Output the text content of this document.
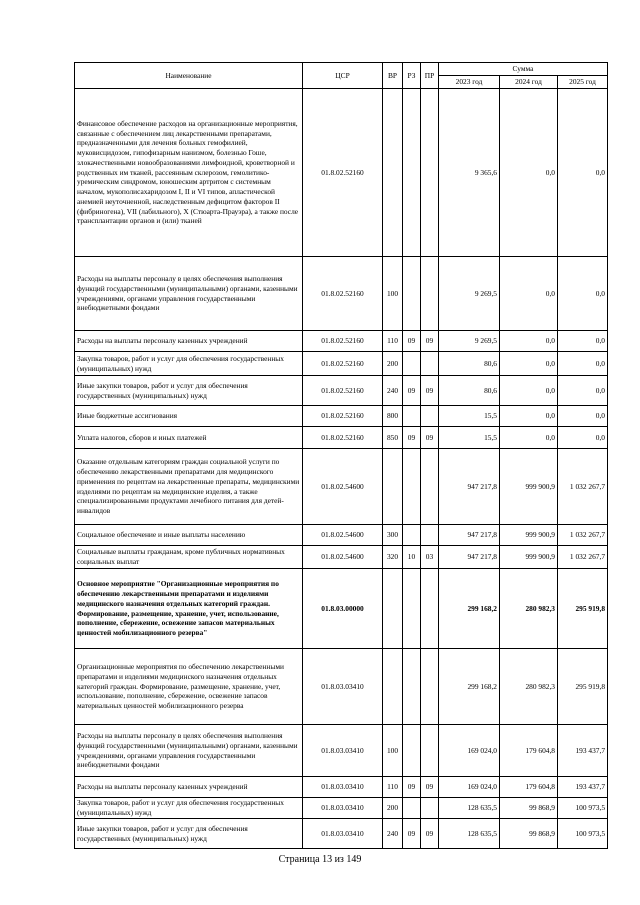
Наименование	ЦСР	ВР	РЗ	ПР	Сумма		
					2023 год	2024 год	2025 год
Финансовое обеспечение расходов на организационные мероприятия, связанные с обеспечением лиц лекарственными препаратами, предназначенными для лечения больных гемофилией, муковисцидозом, гипофизарным нанизмом, болезнью Гоше, злокачественными новообразованиями лимфоидной, кроветворной и родственных им тканей, рассеянным склерозом, гемолитико-уремическим синдромом, юношеским артритом с системным началом, мукополисахаридозом I, II и VI типов, апластической анемией неуточненной, наследственным дефицитом факторов II (фибриногена), VII (лабильного), X (Стюарта-Прауэра), а также после трансплантации органов и (или) тканей	01.8.02.52160				9 365,6	0,0	0,0
Расходы на выплаты персоналу в целях обеспечения выполнения функций государственными (муниципальными) органами, казенными учреждениями, органами управления государственными внебюджетными фондами	01.8.02.52160	100			9 269,5	0,0	0,0
Расходы на выплаты персоналу казенных учреждений	01.8.02.52160	110	09	09	9 269,5	0,0	0,0
Закупка товаров, работ и услуг для обеспечения государственных (муниципальных) нужд	01.8.02.52160	200			80,6	0,0	0,0
Иные закупки товаров, работ и услуг для обеспечения государственных (муниципальных) нужд	01.8.02.52160	240	09	09	80,6	0,0	0,0
Иные бюджетные ассигнования	01.8.02.52160	800			15,5	0,0	0,0
Уплата налогов, сборов и иных платежей	01.8.02.52160	850	09	09	15,5	0,0	0,0
Оказание отдельным категориям граждан социальной услуги по обеспечению лекарственными препаратами для медицинского применения по рецептам на лекарственные препараты, медицинскими изделиями по рецептам на медицинские изделия, а также специализированными продуктами лечебного питания для детей-инвалидов	01.8.02.54600				947 217,8	999 900,9	1 032 267,7
Социальное обеспечение и иные выплаты населению	01.8.02.54600	300			947 217,8	999 900,9	1 032 267,7
Социальные выплаты гражданам, кроме публичных нормативных социальных выплат	01.8.02.54600	320	10	03	947 217,8	999 900,9	1 032 267,7
Основное мероприятие "Организационные мероприятия по обеспечению лекарственными препаратами и изделиями медицинского назначения отдельных категорий граждан. Формирование, размещение, хранение, учет, использование, пополнение, сбережение, освежение запасов материальных ценностей мобилизационного резерва"	01.8.03.00000				299 168,2	280 982,3	295 919,8
Организационные мероприятия по обеспечению лекарственными препаратами и изделиями медицинского назначения отдельных категорий граждан. Формирование, размещение, хранение, учет, использование, пополнение, сбережение, освежение запасов материальных ценностей мобилизационного резерва	01.8.03.03410				299 168,2	280 982,3	295 919,8
Расходы на выплаты персоналу в целях обеспечения выполнения функций государственными (муниципальными) органами, казенными учреждениями, органами управления государственными внебюджетными фондами	01.8.03.03410	100			169 024,0	179 604,8	193 437,7
Расходы на выплаты персоналу казенных учреждений	01.8.03.03410	110	09	09	169 024,0	179 604,8	193 437,7
Закупка товаров, работ и услуг для обеспечения государственных (муниципальных) нужд	01.8.03.03410	200			128 635,5	99 868,9	100 973,5
Иные закупки товаров, работ и услуг для обеспечения государственных (муниципальных) нужд	01.8.03.03410	240	09	09	128 635,5	99 868,9	100 973,5
Страница 13 из 149
